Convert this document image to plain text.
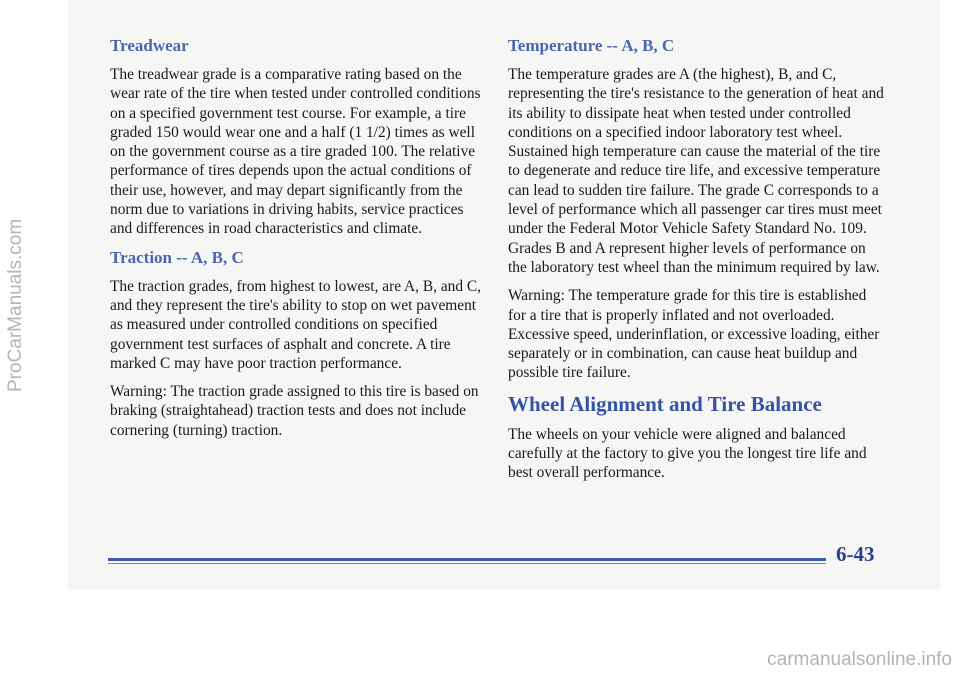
Treadwear

The treadwear grade is a comparative rating based on the wear rate of the tire when tested under controlled conditions on a specified government test course. For example, a tire graded 150 would wear one and a half (1 1/2) times as well on the government course as a tire graded 100. The relative performance of tires depends upon the actual conditions of their use, however, and may depart significantly from the norm due to variations in driving habits, service practices and differences in road characteristics and climate.

Traction -- A, B, C

The traction grades, from highest to lowest, are A, B, and C, and they represent the tire's ability to stop on wet pavement as measured under controlled conditions on specified government test surfaces of asphalt and concrete. A tire marked C may have poor traction performance.

Warning: The traction grade assigned to this tire is based on braking (straightahead) traction tests and does not include cornering (turning) traction.

Temperature -- A, B, C

The temperature grades are A (the highest), B, and C, representing the tire's resistance to the generation of heat and its ability to dissipate heat when tested under controlled conditions on a specified indoor laboratory test wheel. Sustained high temperature can cause the material of the tire to degenerate and reduce tire life, and excessive temperature can lead to sudden tire failure. The grade C corresponds to a level of performance which all passenger car tires must meet under the Federal Motor Vehicle Safety Standard No. 109. Grades B and A represent higher levels of performance on the laboratory test wheel than the minimum required by law.

Warning: The temperature grade for this tire is established for a tire that is properly inflated and not overloaded. Excessive speed, underinflation, or excessive loading, either separately or in combination, can cause heat buildup and possible tire failure.

Wheel Alignment and Tire Balance

The wheels on your vehicle were aligned and balanced carefully at the factory to give you the longest tire life and best overall performance.

6-43
ProCarManuals.com
carmanualsonline.info
